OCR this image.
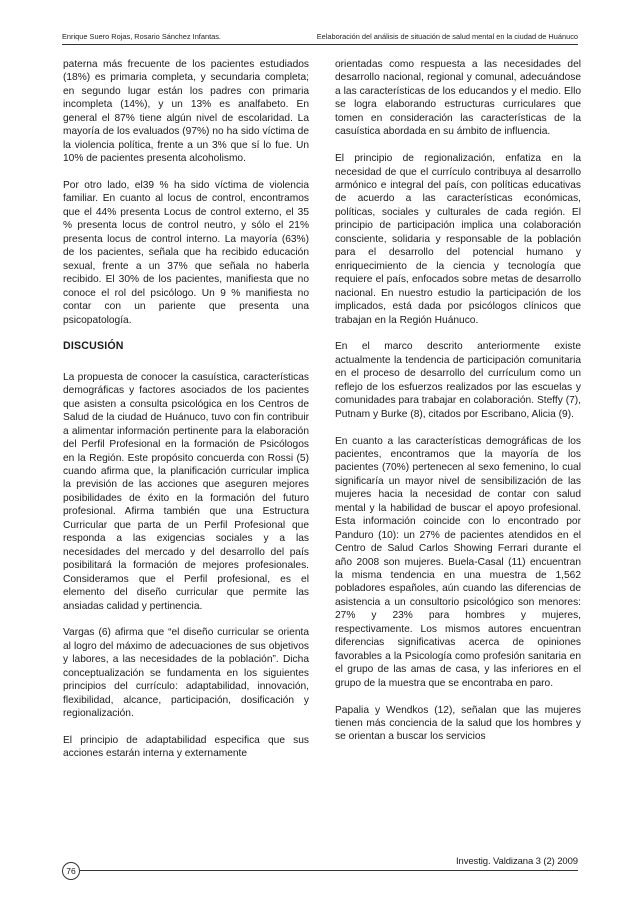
Enrique Suero Rojas, Rosario Sánchez Infantas.	Eelaboración del análisis de situación de salud mental en la ciudad de Huánuco

paterna más frecuente de los pacientes estudiados (18%) es primaria completa, y secundaria completa; en segundo lugar están los padres con primaria incompleta (14%), y un 13% es analfabeto. En general el 87% tiene algún nivel de escolaridad. La mayoría de los evaluados (97%) no ha sido víctima de la violencia política, frente a un 3% que sí lo fue. Un 10% de pacientes presenta alcoholismo.

Por otro lado, el39 % ha sido víctima de violencia familiar. En cuanto al locus de control, encontramos que el 44% presenta Locus de control externo, el 35 % presenta locus de control neutro, y sólo el 21% presenta locus de control interno. La mayoría (63%) de los pacientes, señala que ha recibido educación sexual, frente a un 37% que señala no haberla recibido. El 30% de los pacientes, manifiesta que no conoce el rol del psicólogo. Un 9 % manifiesta no contar con un pariente que presenta una psicopatología.

DISCUSIÓN

La propuesta de conocer la casuística, características demográficas y factores asociados de los pacientes que asisten a consulta psicológica en los Centros de Salud de la ciudad de Huánuco, tuvo con fin contribuir a alimentar información pertinente para la elaboración del Perfil Profesional en la formación de Psicólogos en la Región. Este propósito concuerda con Rossi (5) cuando afirma que, la planificación curricular implica la previsión de las acciones que aseguren mejores posibilidades de éxito en la formación del futuro profesional. Afirma también que una Estructura Curricular que parta de un Perfil Profesional que responda a las exigencias sociales y a las necesidades del mercado y del desarrollo del país posibilitará la formación de mejores profesionales. Consideramos que el Perfil profesional, es el elemento del diseño curricular que permite las ansiadas calidad y pertinencia.

Vargas (6) afirma que “el diseño curricular se orienta al logro del máximo de adecuaciones de sus objetivos y labores, a las necesidades de la población”. Dicha conceptualización se fundamenta en los siguientes principios del currículo: adaptabilidad, innovación, flexibilidad, alcance, participación, dosificación y regionalización.

El principio de adaptabilidad especifica que sus acciones estarán interna y externamente

orientadas como respuesta a las necesidades del desarrollo nacional, regional y comunal, adecuándose a las características de los educandos y el medio. Ello se logra elaborando estructuras curriculares que tomen en consideración las características de la casuística abordada en su ámbito de influencia.

El principio de regionalización, enfatiza en la necesidad de que el currículo contribuya al desarrollo armónico e integral del país, con políticas educativas de acuerdo a las características económicas, políticas, sociales y culturales de cada región. El principio de participación implica una colaboración consciente, solidaria y responsable de la población para el desarrollo del potencial humano y enriquecimiento de la ciencia y tecnología que requiere el país, enfocados sobre metas de desarrollo nacional. En nuestro estudio la participación de los implicados, está dada por psicólogos clínicos que trabajan en la Región Huánuco.

En el marco descrito anteriormente existe actualmente la tendencia de participación comunitaria en el proceso de desarrollo del currículum como un reflejo de los esfuerzos realizados por las escuelas y comunidades para trabajar en colaboración. Steffy (7), Putnam y Burke (8), citados por Escribano, Alicia (9).

En cuanto a las características demográficas de los pacientes, encontramos que la mayoría de los pacientes (70%) pertenecen al sexo femenino, lo cual significaría un mayor nivel de sensibilización de las mujeres hacia la necesidad de contar con salud mental y la habilidad de buscar el apoyo profesional. Esta información coincide con lo encontrado por Panduro (10): un 27% de pacientes atendidos en el Centro de Salud Carlos Showing Ferrari durante el año 2008 son mujeres. Buela-Casal (11) encuentran la misma tendencia en una muestra de 1,562 pobladores españoles, aún cuando las diferencias de asistencia a un consultorio psicológico son menores: 27% y 23% para hombres y mujeres, respectivamente. Los mismos autores encuentran diferencias significativas acerca de opiniones favorables a la Psicología como profesión sanitaria en el grupo de las amas de casa, y las inferiores en el grupo de la muestra que se encontraba en paro.

Papalia y Wendkos (12), señalan que las mujeres tienen más conciencia de la salud que los hombres y se orientan a buscar los servicios

Investig. Valdizana 3 (2) 2009
76
